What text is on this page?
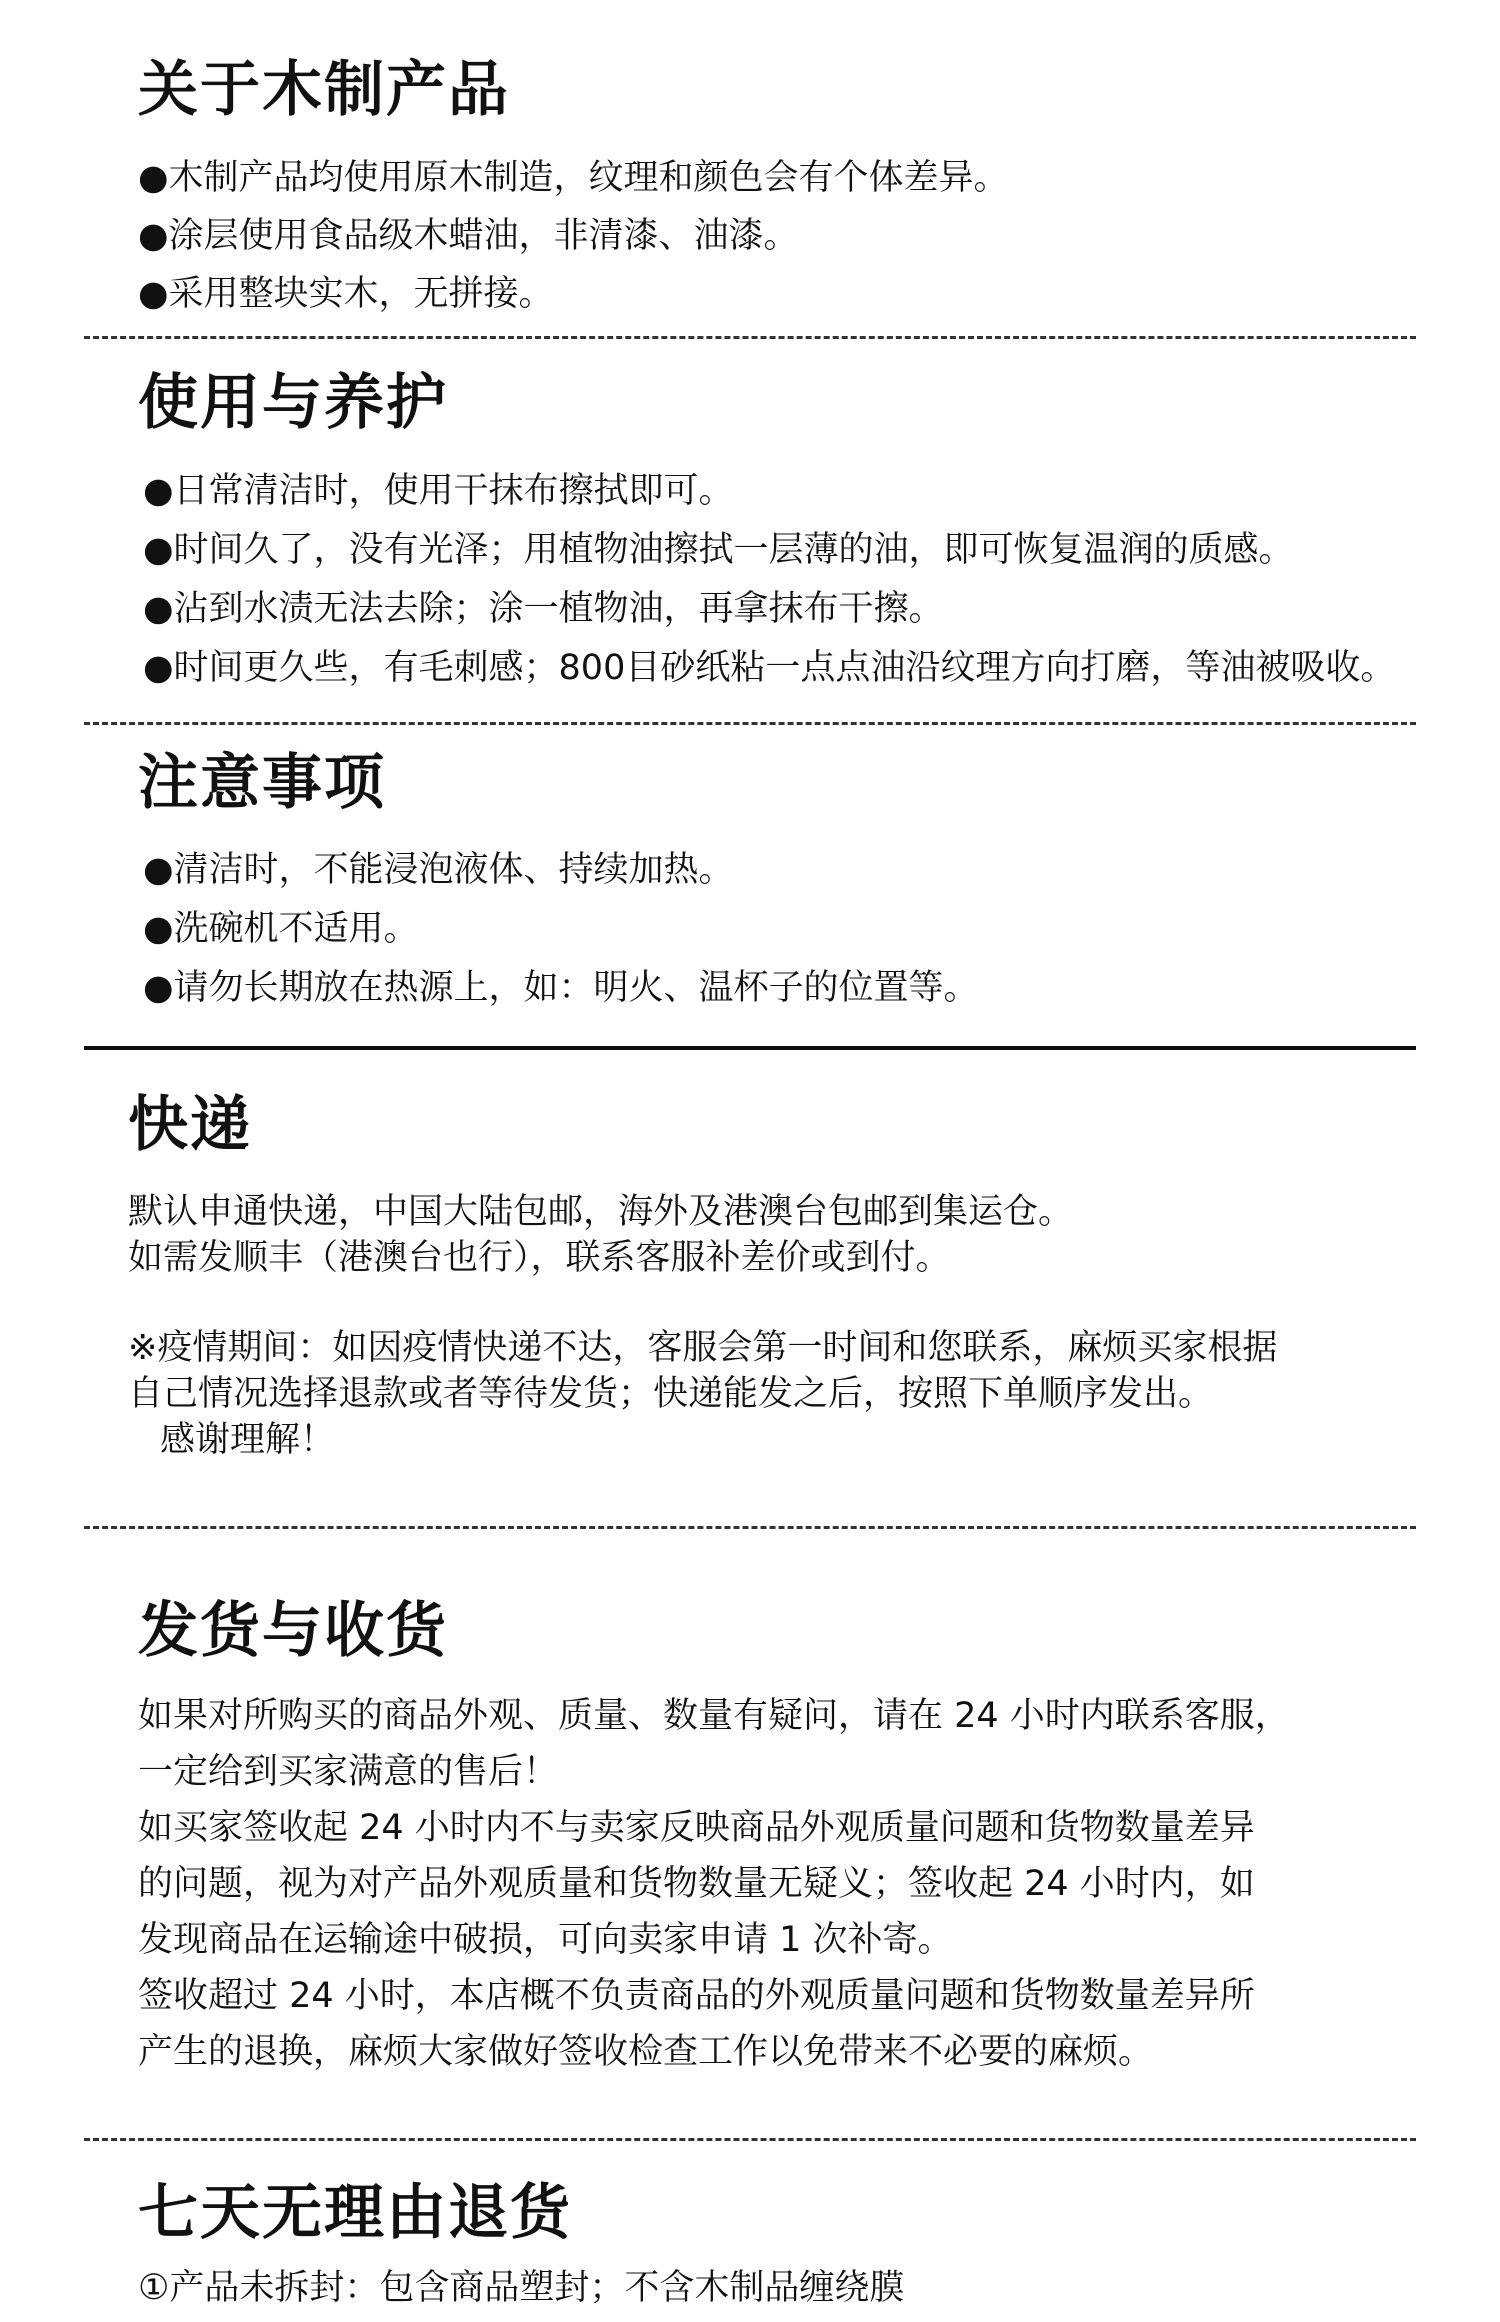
关于木制产品

●木制产品均使用原木制造，纹理和颜色会有个体差异。

●涂层使用食品级木蜡油，非清漆、油漆。

●采用整块实木，无拼接。

使用与养护

●日常清洁时，使用干抹布擦拭即可。

●时间久了，没有光泽；用植物油擦拭一层薄的油，即可恢复温润的质感。

●沾到水渍无法去除；涂一植物油，再拿抹布干擦。

●时间更久些，有毛刺感；800目砂纸粘一点点油沿纹理方向打磨，等油被吸收。

注意事项

●清洁时，不能浸泡液体、持续加热。

●洗碗机不适用。

●请勿长期放在热源上，如：明火、温杯子的位置等。

快递

默认申通快递，中国大陆包邮，海外及港澳台包邮到集运仓。

如需发顺丰（港澳台也行），联系客服补差价或到付。

※疫情期间：如因疫情快递不达，客服会第一时间和您联系，麻烦买家根据

自己情况选择退款或者等待发货；快递能发之后，按照下单顺序发出。

感谢理解！

发货与收货

如果对所购买的商品外观、质量、数量有疑问，请在 24 小时内联系客服，

一定给到买家满意的售后！

如买家签收起 24 小时内不与卖家反映商品外观质量问题和货物数量差异

的问题，视为对产品外观质量和货物数量无疑义；签收起 24 小时内，如

发现商品在运输途中破损，可向卖家申请 1 次补寄。

签收超过 24 小时，本店概不负责商品的外观质量问题和货物数量差异所

产生的退换，麻烦大家做好签收检查工作以免带来不必要的麻烦。

七天无理由退货

①产品未拆封：包含商品塑封；不含木制品缠绕膜
